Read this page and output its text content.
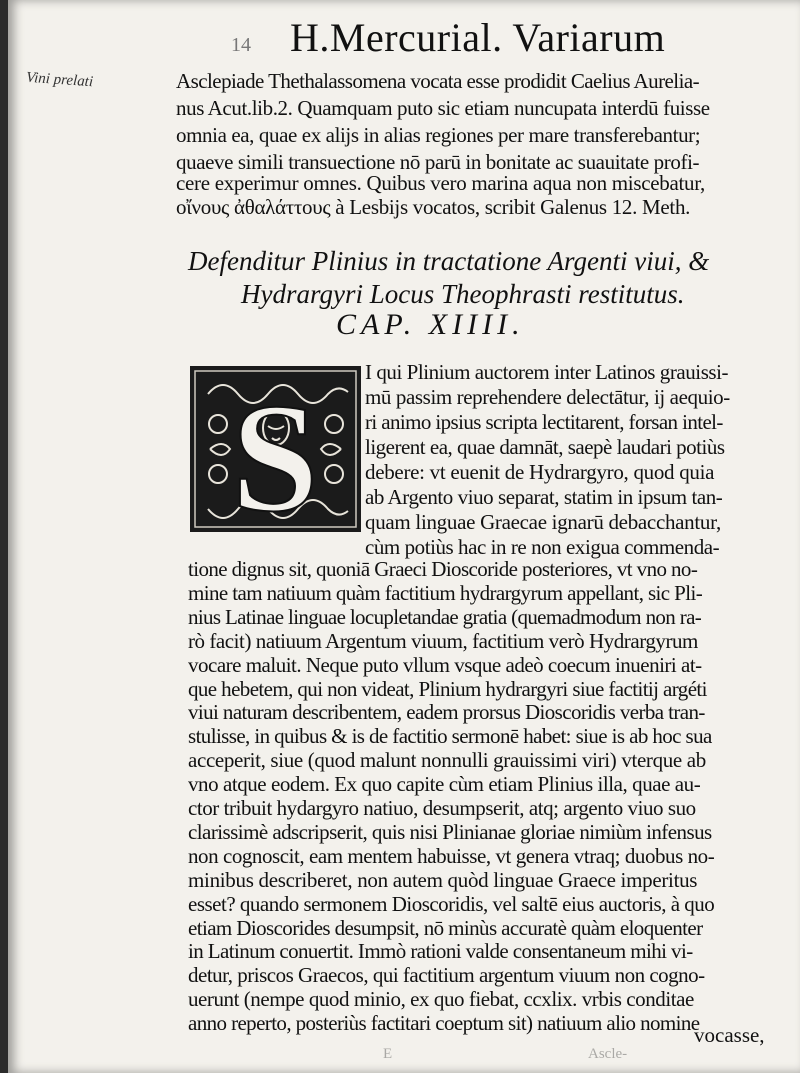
14 H.Mercurial. Variarum
Vini prelati	Asclepiade Thethalassomena vocata esse prodidit Caelius Aurelia-
nus Acut.lib.2. Quamquam puto sic etiam nuncupata interdū fuisse
omnia ea, quae ex alijs in alias regiones per mare transferebantur;
quaeve simili transuectione nō parū in bonitate ac suauitate profi-
cere experimur omnes. Quibus vero marina aqua non miscebatur,
οἴνους ἀθαλάττους à Lesbijs vocatos, scribit Galenus 12. Meth.
Defenditur Plinius in tractatione Argenti viui, &
Hydrargyri Locus Theophrasti restitutus.
CAP. XIIII.
S I qui Plinium auctorem inter Latinos grauissi-
mū passim reprehendere delectātur, ij aequio-
ri animo ipsius scripta lectitarent, forsan intel-
ligerent ea, quae damnāt, saepè laudari potiùs
debere: vt euenit de Hydrargyro, quod quia
ab Argento viuo separat, statim in ipsum tan-
quam linguae Graecae ignarū debacchantur,
cùm potiùs hac in re non exigua commenda-
tione dignus sit, quoniā Graeci Dioscoride posteriores, vt vno no-
mine tam natiuum quàm factitium hydrargyrum appellant, sic Pli-
nius Latinae linguae locupletandae gratia (quemadmodum non ra-
rò facit) natiuum Argentum viuum, factitium verò Hydrargyrum
vocare maluit. Neque puto vllum vsque adeò coecum inueniri at-
que hebetem, qui non videat, Plinium hydrargyri siue factitij argéti
viui naturam describentem, eadem prorsus Dioscoridis verba tran-
stulisse, in quibus & is de factitio sermonē habet: siue is ab hoc sua
acceperit, siue (quod malunt nonnulli grauissimi viri) vterque ab
vno atque eodem. Ex quo capite cùm etiam Plinius illa, quae au-
ctor tribuit hydargyro natiuo, desumpserit, atq; argento viuo suo
clarissimè adscripserit, quis nisi Plinianae gloriae nimiùm infensus
non cognoscit, eam mentem habuisse, vt genera vtraq; duobus no-
minibus describeret, non autem quòd linguae Graece imperitus
esset? quando sermonem Dioscoridis, vel saltē eius auctoris, à quo
etiam Dioscorides desumpsit, nō minùs accuratè quàm eloquenter
in Latinum conuertit. Immò rationi valde consentaneum mihi vi-
detur, priscos Graecos, qui factitium argentum viuum non cogno-
uerunt (nempe quod minio, ex quo fiebat, ccxlix. vrbis conditae
anno reperto, posteriùs factitari coeptum sit) natiuum alio nomine
vocasse,
E	Ascle-
